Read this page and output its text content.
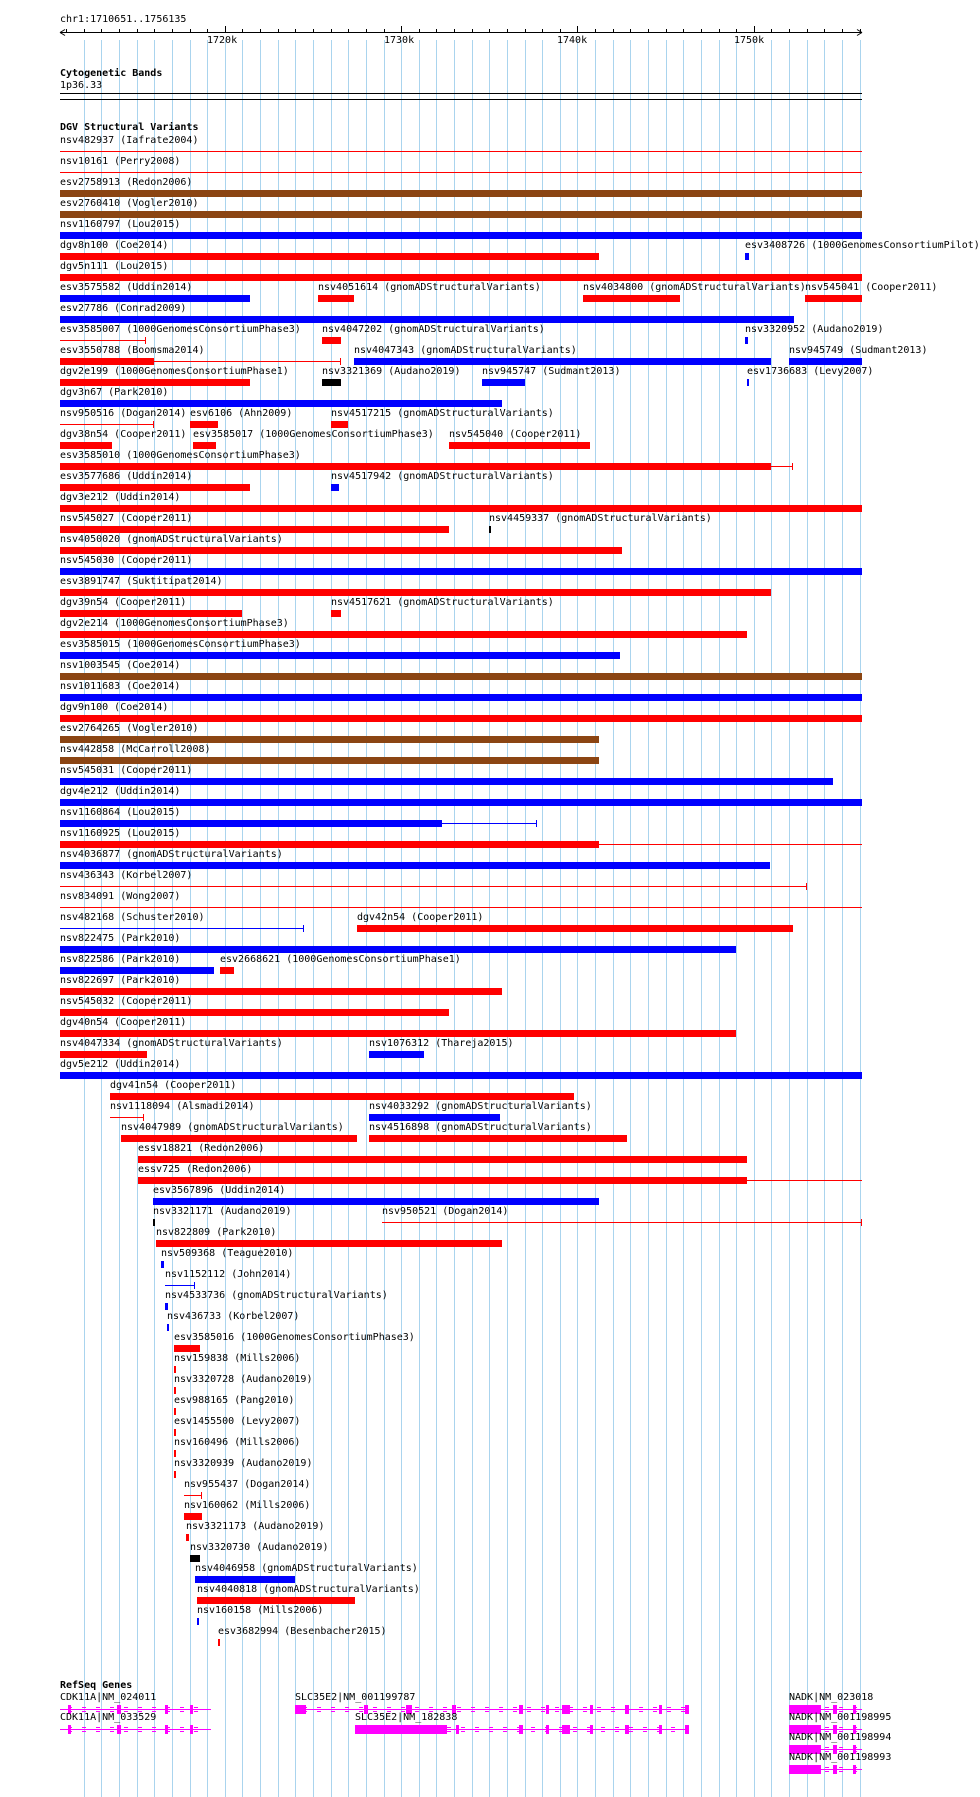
chr1:1710651..1756135
1720k	1730k	1740k	1750k
Cytogenetic Bands
1p36.33
DGV Structural Variants
nsv482937 (Iafrate2004)
nsv10161 (Perry2008)
esv2758913 (Redon2006)
esv2760410 (Vogler2010)
nsv1160797 (Lou2015)
dgv8n100 (Coe2014)	esv3408726 (1000GenomesConsortiumPilot)
dgv5n111 (Lou2015)
esv3575582 (Uddin2014)	nsv4051614 (gnomADStructuralVariants)	nsv4034800 (gnomADStructuralVariants) nsv545041 (Cooper2011)
esv27786 (Conrad2009)
esv3585007 (1000GenomesConsortiumPhase3) nsv4047202 (gnomADStructuralVariants)	nsv3320952 (Audano2019)
esv3550788 (Boomsma2014)	nsv4047343 (gnomADStructuralVariants)	nsv945749 (Sudmant2013)
dgv2e199 (1000GenomesConsortiumPhase1)	nsv3321369 (Audano2019) nsv945747 (Sudmant2013)	esv1736683 (Levy2007)
dgv3n67 (Park2010)
nsv950516 (Dogan2014) esv6106 (Ahn2009)	nsv4517215 (gnomADStructuralVariants)
dgv38n54 (Cooper2011) esv3585017 (1000GenomesConsortiumPhase3) nsv545040 (Cooper2011)
esv3585010 (1000GenomesConsortiumPhase3)
esv3577686 (Uddin2014)	nsv4517942 (gnomADStructuralVariants)
dgv3e212 (Uddin2014)
nsv545027 (Cooper2011)	nsv4459337 (gnomADStructuralVariants)
nsv4050020 (gnomADStructuralVariants)
nsv545030 (Cooper2011)
esv3891747 (Suktitipat2014)
dgv39n54 (Cooper2011)	nsv4517621 (gnomADStructuralVariants)
dgv2e214 (1000GenomesConsortiumPhase3)
esv3585015 (1000GenomesConsortiumPhase3)
nsv1003545 (Coe2014)
nsv1011683 (Coe2014)
dgv9n100 (Coe2014)
esv2764265 (Vogler2010)
nsv442858 (McCarroll2008)
nsv545031 (Cooper2011)
dgv4e212 (Uddin2014)
nsv1160864 (Lou2015)
nsv1160925 (Lou2015)
nsv4036877 (gnomADStructuralVariants)
nsv436343 (Korbel2007)
nsv834091 (Wong2007)
nsv482168 (Schuster2010)	dgv42n54 (Cooper2011)
nsv822475 (Park2010)
nsv822586 (Park2010)	esv2668621 (1000GenomesConsortiumPhase1)
nsv822697 (Park2010)
nsv545032 (Cooper2011)
dgv40n54 (Cooper2011)
nsv4047334 (gnomADStructuralVariants)	nsv1076312 (Thareja2015)
dgv5e212 (Uddin2014)
dgv41n54 (Cooper2011)
nsv1118094 (Alsmadi2014)	nsv4033292 (gnomADStructuralVariants)
nsv4047989 (gnomADStructuralVariants)	nsv4516898 (gnomADStructuralVariants)
essv18821 (Redon2006)
essv725 (Redon2006)
esv3567896 (Uddin2014)
nsv3321171 (Audano2019)	nsv950521 (Dogan2014)
nsv822809 (Park2010)
nsv509368 (Teague2010)
nsv1152112 (John2014)
nsv4533736 (gnomADStructuralVariants)
nsv436733 (Korbel2007)
esv3585016 (1000GenomesConsortiumPhase3)
nsv159838 (Mills2006)
nsv3320728 (Audano2019)
esv988165 (Pang2010)
esv1455500 (Levy2007)
nsv160496 (Mills2006)
nsv3320939 (Audano2019)
nsv955437 (Dogan2014)
nsv160062 (Mills2006)
nsv3321173 (Audano2019)
nsv3320730 (Audano2019)
nsv4046958 (gnomADStructuralVariants)
nsv4040818 (gnomADStructuralVariants)
nsv160158 (Mills2006)
esv3682994 (Besenbacher2015)
RefSeq Genes
CDK11A|NM_024011	SLC35E2|NM_001199787	NADK|NM_023018
CDK11A|NM_033529	SLC35E2|NM_182838	NADK|NM_001198995
NADK|NM_001198994
NADK|NM_001198993
